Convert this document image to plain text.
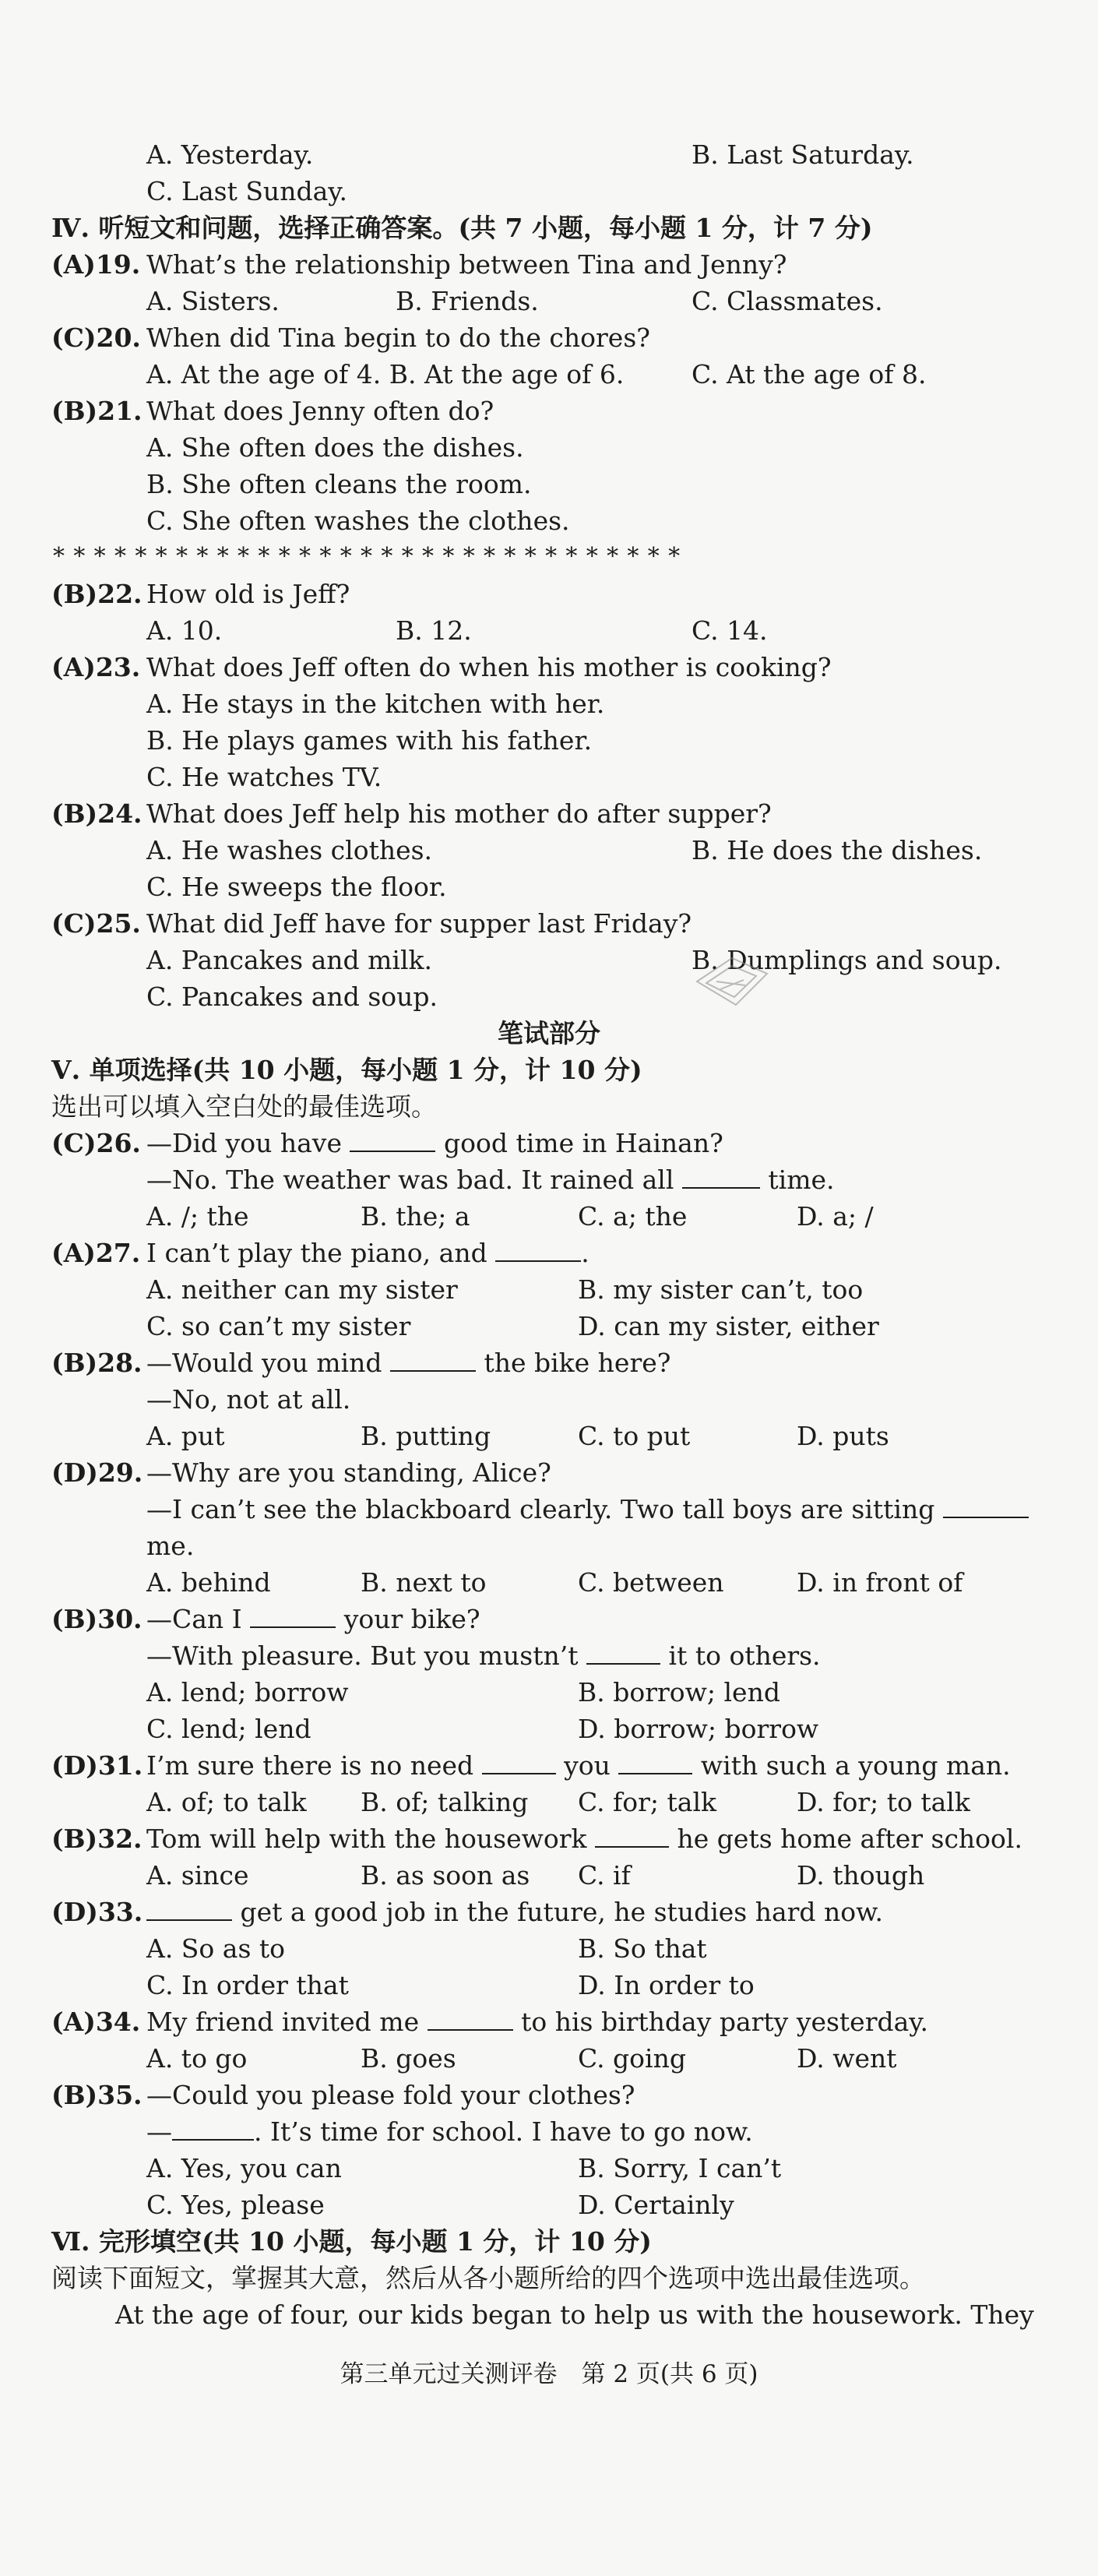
A. Yesterday.	B. Last Saturday.
C. Last Sunday.
Ⅳ. 听短文和问题，选择正确答案。(共 7 小题，每小题 1 分，计 7 分)
(A)19. What’s the relationship between Tina and Jenny?
A. Sisters.	B. Friends.	C. Classmates.
(C)20. When did Tina begin to do the chores?
A. At the age of 4. B. At the age of 6.	C. At the age of 8.
(B)21. What does Jenny often do?
A. She often does the dishes.
B. She often cleans the room.
C. She often washes the clothes.
* * * * * * * * * * * * * * * * * * * * * * * * * * * * * * *
(B)22. How old is Jeff?
A. 10.	B. 12.	C. 14.
(A)23. What does Jeff often do when his mother is cooking?
A. He stays in the kitchen with her.
B. He plays games with his father.
C. He watches TV.
(B)24. What does Jeff help his mother do after supper?
A. He washes clothes.	B. He does the dishes.
C. He sweeps the floor.
(C)25. What did Jeff have for supper last Friday?
A. Pancakes and milk.	B. Dumplings and soup.
C. Pancakes and soup.
笔试部分
Ⅴ. 单项选择(共 10 小题，每小题 1 分，计 10 分)
选出可以填入空白处的最佳选项。
(C)26. —Did you have	good time in Hainan?
—No. The weather was bad. It rained all	time.
A. /; the	B. the; a	C. a; the	D. a; /
(A)27. I can’t play the piano, and	.
A. neither can my sister	B. my sister can’t, too
C. so can’t my sister	D. can my sister, either
(B)28. —Would you mind	the bike here?
—No, not at all.
A. put	B. putting	C. to put	D. puts
(D)29. —Why are you standing, Alice?
—I can’t see the blackboard clearly. Two tall boys are sitting
me.
A. behind	B. next to	C. between	D. in front of
(B)30. —Can I	your bike?
—With pleasure. But you mustn’t	it to others.
A. lend; borrow	B. borrow; lend
C. lend; lend	D. borrow; borrow
(D)31. I’m sure there is no need	you	with such a young man.
A. of; to talk B. of; talking C. for; talk	D. for; to talk
(B)32. Tom will help with the housework	he gets home after school.
A. since	B. as soon as C. if	D. though
(D)33.	get a good job in the future, he studies hard now.
A. So as to	B. So that
C. In order that	D. In order to
(A)34. My friend invited me	to his birthday party yesterday.
A. to go	B. goes	C. going	D. went
(B)35. —Could you please fold your clothes?
—	. It’s time for school. I have to go now.
A. Yes, you can	B. Sorry, I can’t
C. Yes, please	D. Certainly
Ⅵ. 完形填空(共 10 小题，每小题 1 分，计 10 分)
阅读下面短文，掌握其大意，然后从各小题所给的四个选项中选出最佳选项。
At the age of four, our kids began to help us with the housework. They
第三单元过关测评卷　第 2 页(共 6 页)
